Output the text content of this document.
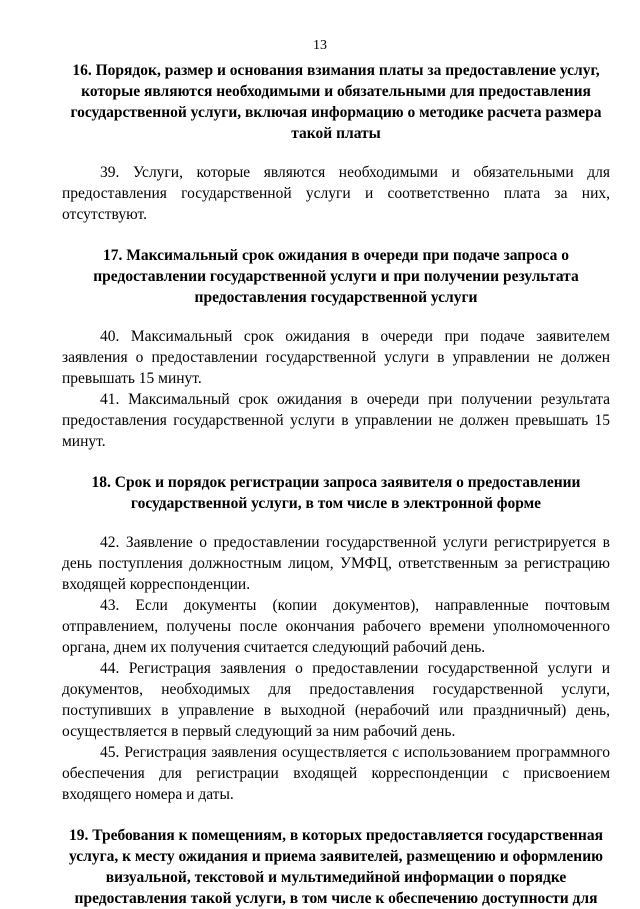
13
16. Порядок, размер и основания взимания платы за предоставление услуг, которые являются необходимыми и обязательными для предоставления государственной услуги, включая информацию о методике расчета размера такой платы
39. Услуги, которые являются необходимыми и обязательными для предоставления государственной услуги и соответственно плата за них, отсутствуют.
17. Максимальный срок ожидания в очереди при подаче запроса о предоставлении государственной услуги и при получении результата предоставления государственной услуги
40. Максимальный срок ожидания в очереди при подаче заявителем заявления о предоставлении государственной услуги в управлении не должен превышать 15 минут.
41. Максимальный срок ожидания в очереди при получении результата предоставления государственной услуги в управлении не должен превышать 15 минут.
18. Срок и порядок регистрации запроса заявителя о предоставлении государственной услуги, в том числе в электронной форме
42. Заявление о предоставлении государственной услуги регистрируется в день поступления должностным лицом, УМФЦ, ответственным за регистрацию входящей корреспонденции.
43. Если документы (копии документов), направленные почтовым отправлением, получены после окончания рабочего времени уполномоченного органа, днем их получения считается следующий рабочий день.
44. Регистрация заявления о предоставлении государственной услуги и документов, необходимых для предоставления государственной услуги, поступивших в управление в выходной (нерабочий или праздничный) день, осуществляется в первый следующий за ним рабочий день.
45. Регистрация заявления осуществляется с использованием программного обеспечения для регистрации входящей корреспонденции с присвоением входящего номера и даты.
19. Требования к помещениям, в которых предоставляется государственная услуга, к месту ожидания и приема заявителей, размещению и оформлению визуальной, текстовой и мультимедийной информации о порядке предоставления такой услуги, в том числе к обеспечению доступности для
